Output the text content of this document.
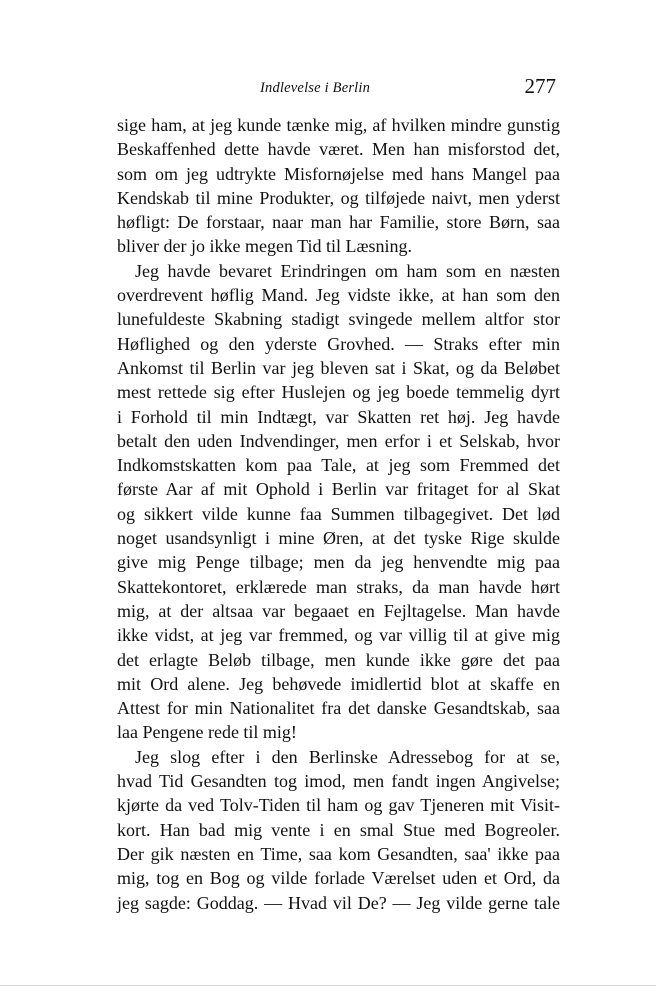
Indlevelse i Berlin	277
sige ham, at jeg kunde tænke mig, af hvilken mindre gunstig
Beskaffenhed dette havde været. Men han misforstod det,
som om jeg udtrykte Misfornøjelse med hans Mangel paa
Kendskab til mine Produkter, og tilføjede naivt, men yderst
høfligt: De forstaar, naar man har Familie, store Børn, saa
bliver der jo ikke megen Tid til Læsning.
Jeg havde bevaret Erindringen om ham som en næsten
overdrevent høflig Mand. Jeg vidste ikke, at han som den
lunefuldeste Skabning stadigt svingede mellem altfor stor
Høflighed og den yderste Grovhed. — Straks efter min
Ankomst til Berlin var jeg bleven sat i Skat, og da Beløbet
mest rettede sig efter Huslejen og jeg boede temmelig dyrt
i Forhold til min Indtægt, var Skatten ret høj. Jeg havde
betalt den uden Indvendinger, men erfor i et Selskab, hvor
Indkomstskatten kom paa Tale, at jeg som Fremmed det
første Aar af mit Ophold i Berlin var fritaget for al Skat
og sikkert vilde kunne faa Summen tilbagegivet. Det lød
noget usandsynligt i mine Øren, at det tyske Rige skulde
give mig Penge tilbage; men da jeg henvendte mig paa
Skattekontoret, erklærede man straks, da man havde hørt
mig, at der altsaa var begaaet en Fejltagelse. Man havde
ikke vidst, at jeg var fremmed, og var villig til at give mig
det erlagte Beløb tilbage, men kunde ikke gøre det paa
mit Ord alene. Jeg behøvede imidlertid blot at skaffe en
Attest for min Nationalitet fra det danske Gesandtskab, saa
laa Pengene rede til mig!
Jeg slog efter i den Berlinske Adressebog for at se,
hvad Tid Gesandten tog imod, men fandt ingen Angivelse;
kjørte da ved Tolv-Tiden til ham og gav Tjeneren mit Visit-
kort. Han bad mig vente i en smal Stue med Bogreoler.
Der gik næsten en Time, saa kom Gesandten, saa' ikke paa
mig, tog en Bog og vilde forlade Værelset uden et Ord, da
jeg sagde: Goddag. — Hvad vil De? — Jeg vilde gerne tale
